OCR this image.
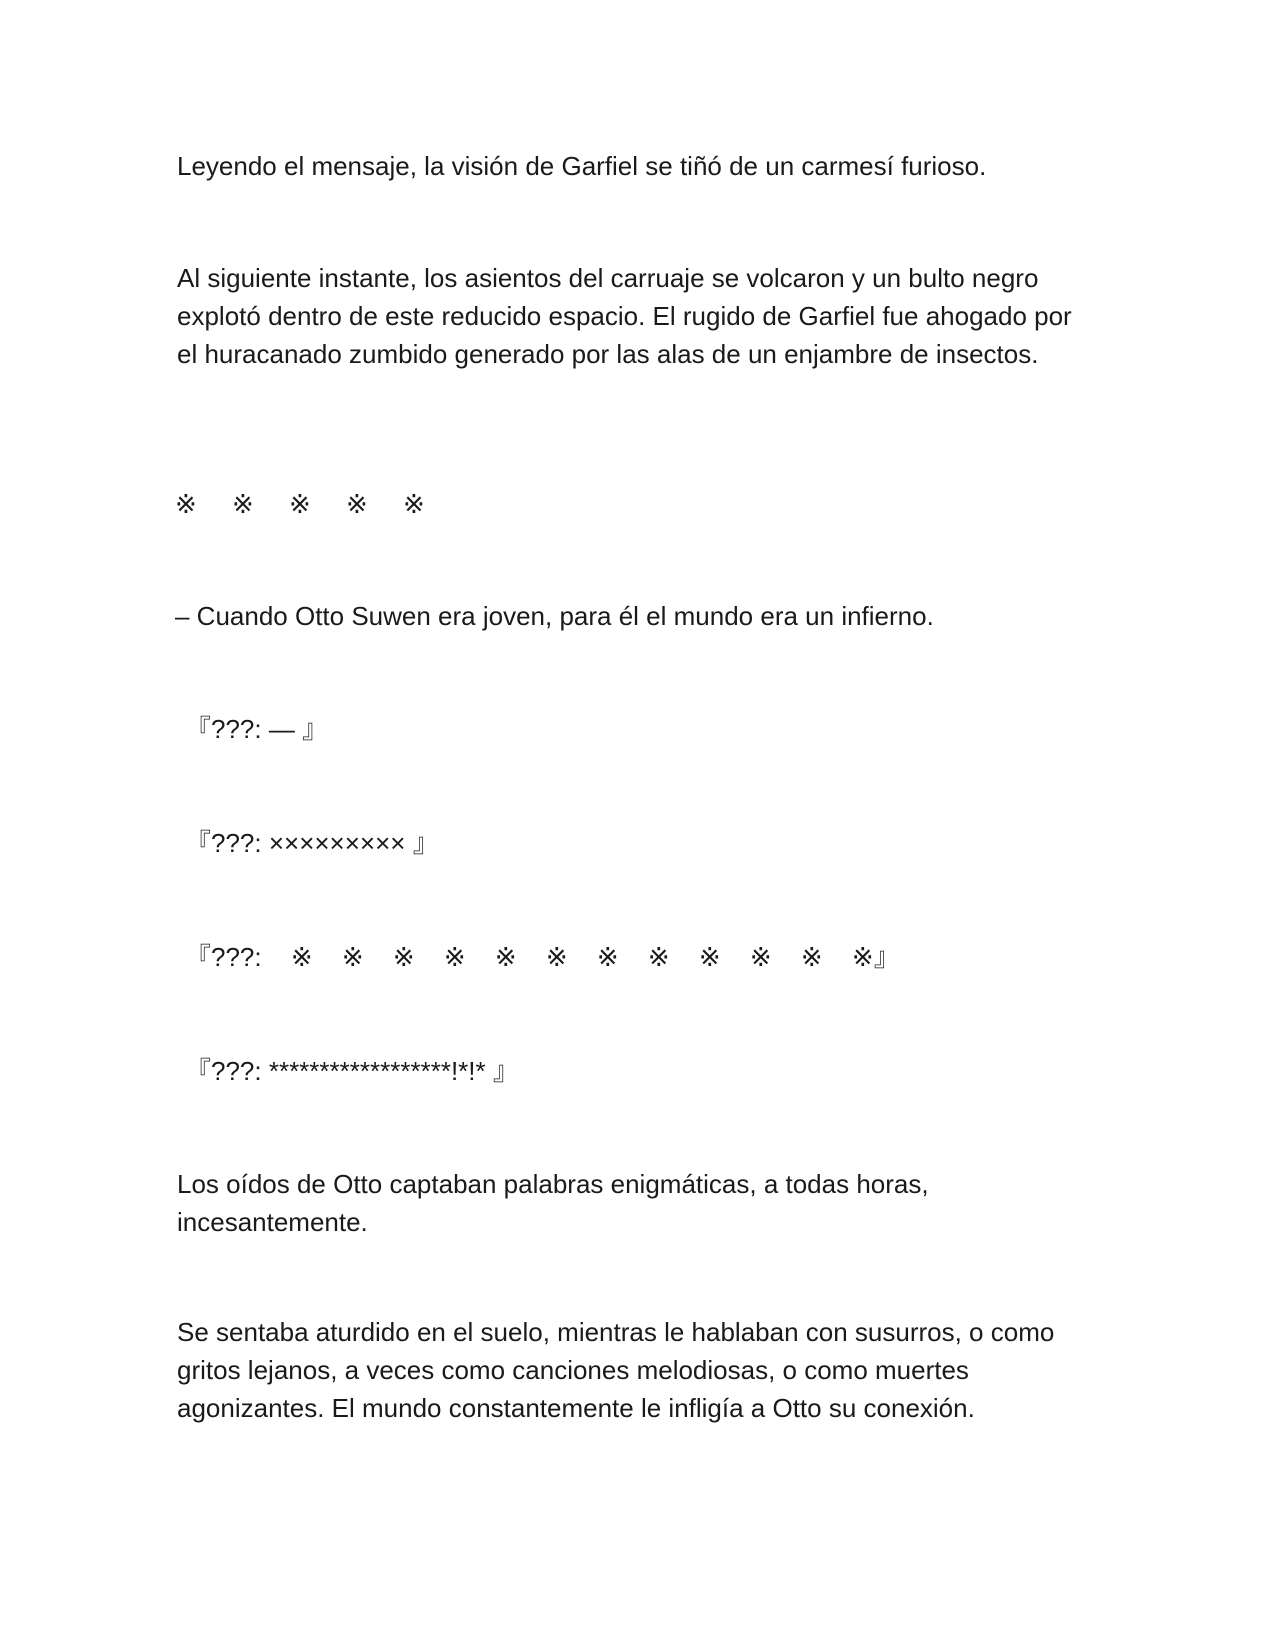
Leyendo el mensaje, la visión de Garfiel se tiñó de un carmesí furioso.

Al siguiente instante, los asientos del carruaje se volcaron y un bulto negro explotó dentro de este reducido espacio. El rugido de Garfiel fue ahogado por el huracanado zumbido generado por las alas de un enjambre de insectos.

※ ※ ※ ※ ※

– Cuando Otto Suwen era joven, para él el mundo era un infierno.

『???: — 』

『???: ××××××××× 』

『???: ※ ※ ※ ※ ※ ※ ※ ※ ※ ※ ※ ※』

『???: ******************!*!* 』

Los oídos de Otto captaban palabras enigmáticas, a todas horas, incesantemente.

Se sentaba aturdido en el suelo, mientras le hablaban con susurros, o como gritos lejanos, a veces como canciones melodiosas, o como muertes agonizantes. El mundo constantemente le infligía a Otto su conexión.
